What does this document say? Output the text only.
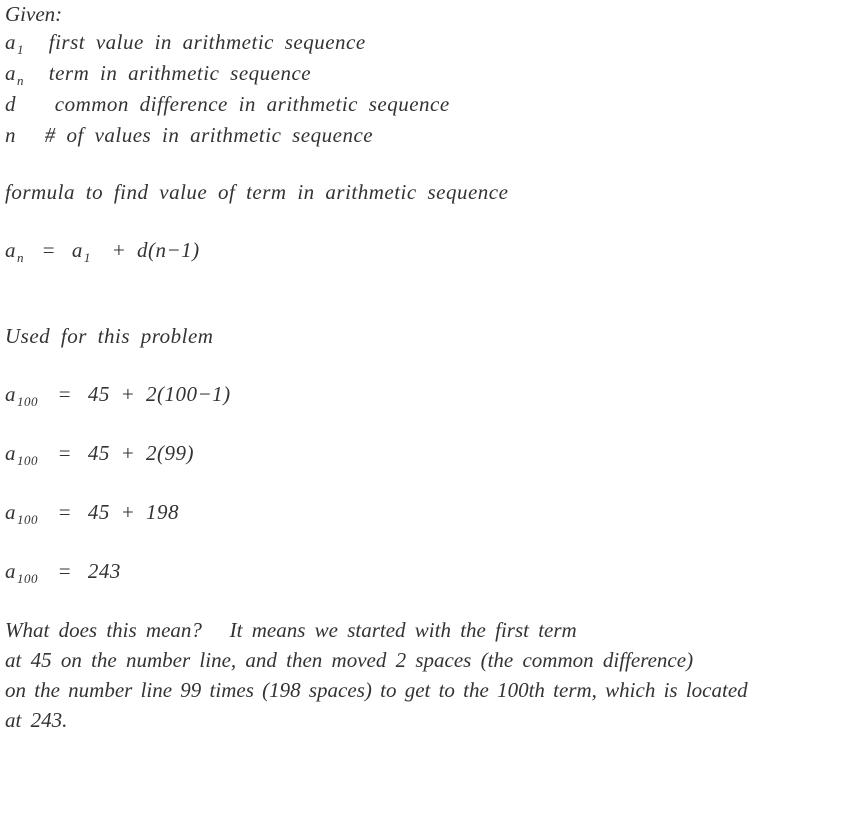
Given:
$a_1$ first value in arithmetic sequence
$a_n$ term in arithmetic sequence
d common difference in arithmetic sequence
n # of values in arithmetic sequence
formula to find value of term in arithmetic sequence
$a_n = a_1 + d(n-1)$
Used for this problem
$a_{100} = 45 + 2(100-1)$
$a_{100} = 45 + 2(99)$
$a_{100} = 45 + 198$
$a_{100} = 243$
What does this mean?   It means we started with the first term
at 45 on the number line, and then moved 2 spaces (the common difference)
on the number line 99 times (198 spaces) to get to the 100th term, which is located
at 243.
